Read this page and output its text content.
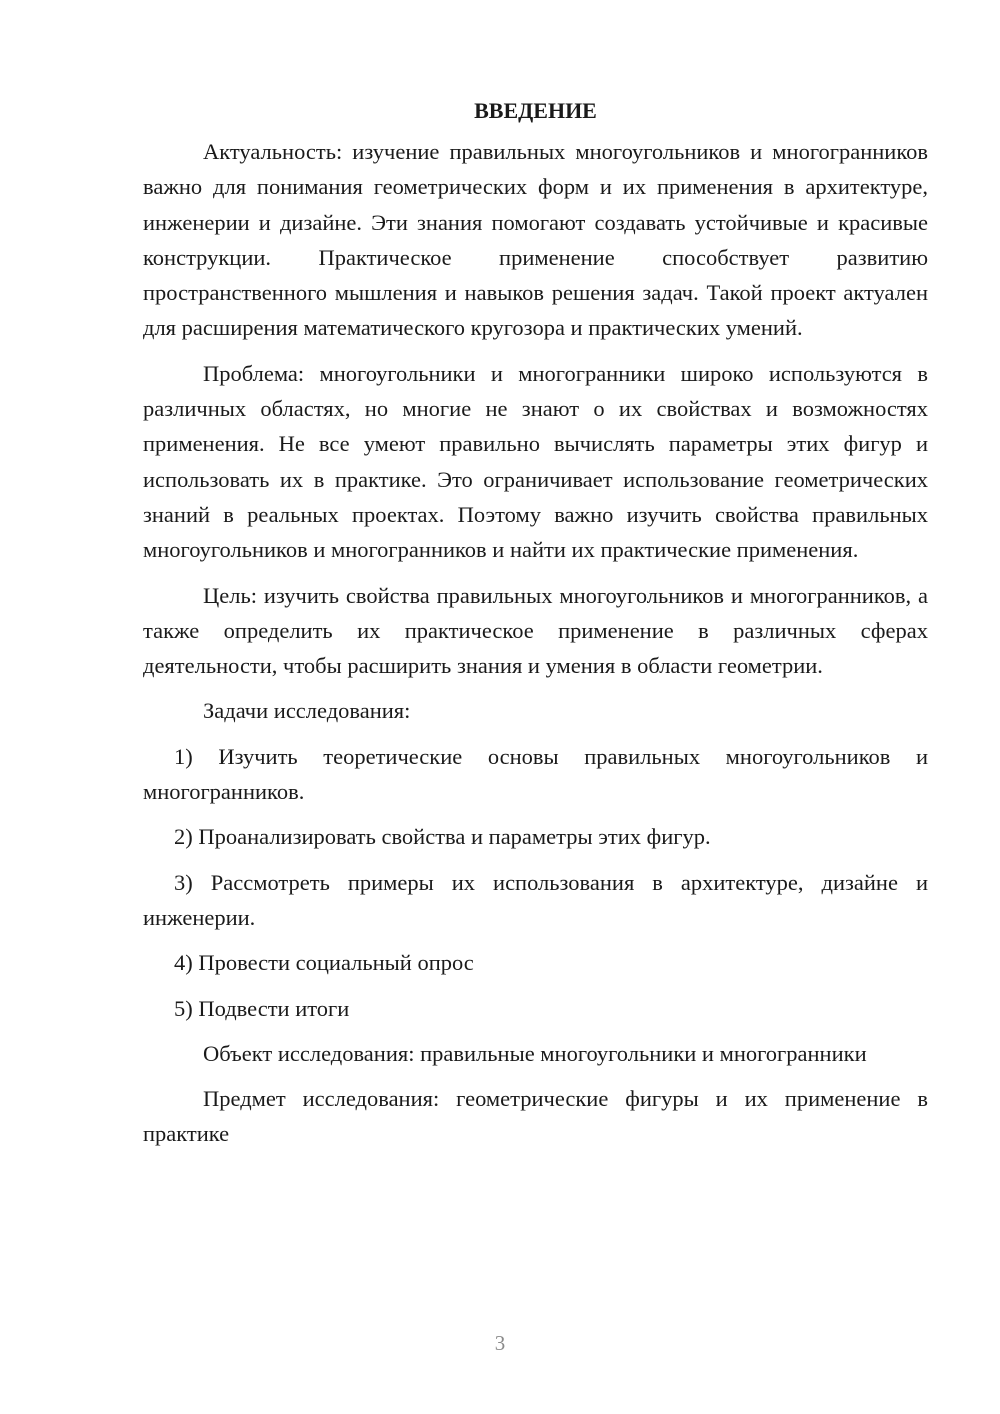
ВВЕДЕНИЕ

Актуальность: изучение правильных многоугольников и многогранников важно для понимания геометрических форм и их применения в архитектуре, инженерии и дизайне. Эти знания помогают создавать устойчивые и красивые конструкции. Практическое применение способствует развитию пространственного мышления и навыков решения задач. Такой проект актуален для расширения математического кругозора и практических умений.

Проблема: многоугольники и многогранники широко используются в различных областях, но многие не знают о их свойствах и возможностях применения. Не все умеют правильно вычислять параметры этих фигур и использовать их в практике. Это ограничивает использование геометрических знаний в реальных проектах. Поэтому важно изучить свойства правильных многоугольников и многогранников и найти их практические применения.

Цель: изучить свойства правильных многоугольников и многогранников, а также определить их практическое применение в различных сферах деятельности, чтобы расширить знания и умения в области геометрии.

Задачи исследования:

1) Изучить теоретические основы правильных многоугольников и многогранников.

2) Проанализировать свойства и параметры этих фигур.

3) Рассмотреть примеры их использования в архитектуре, дизайне и инженерии.

4) Провести социальный опрос

5) Подвести итоги

Объект исследования: правильные многоугольники и многогранники

Предмет исследования: геометрические фигуры и их применение в практике

3
